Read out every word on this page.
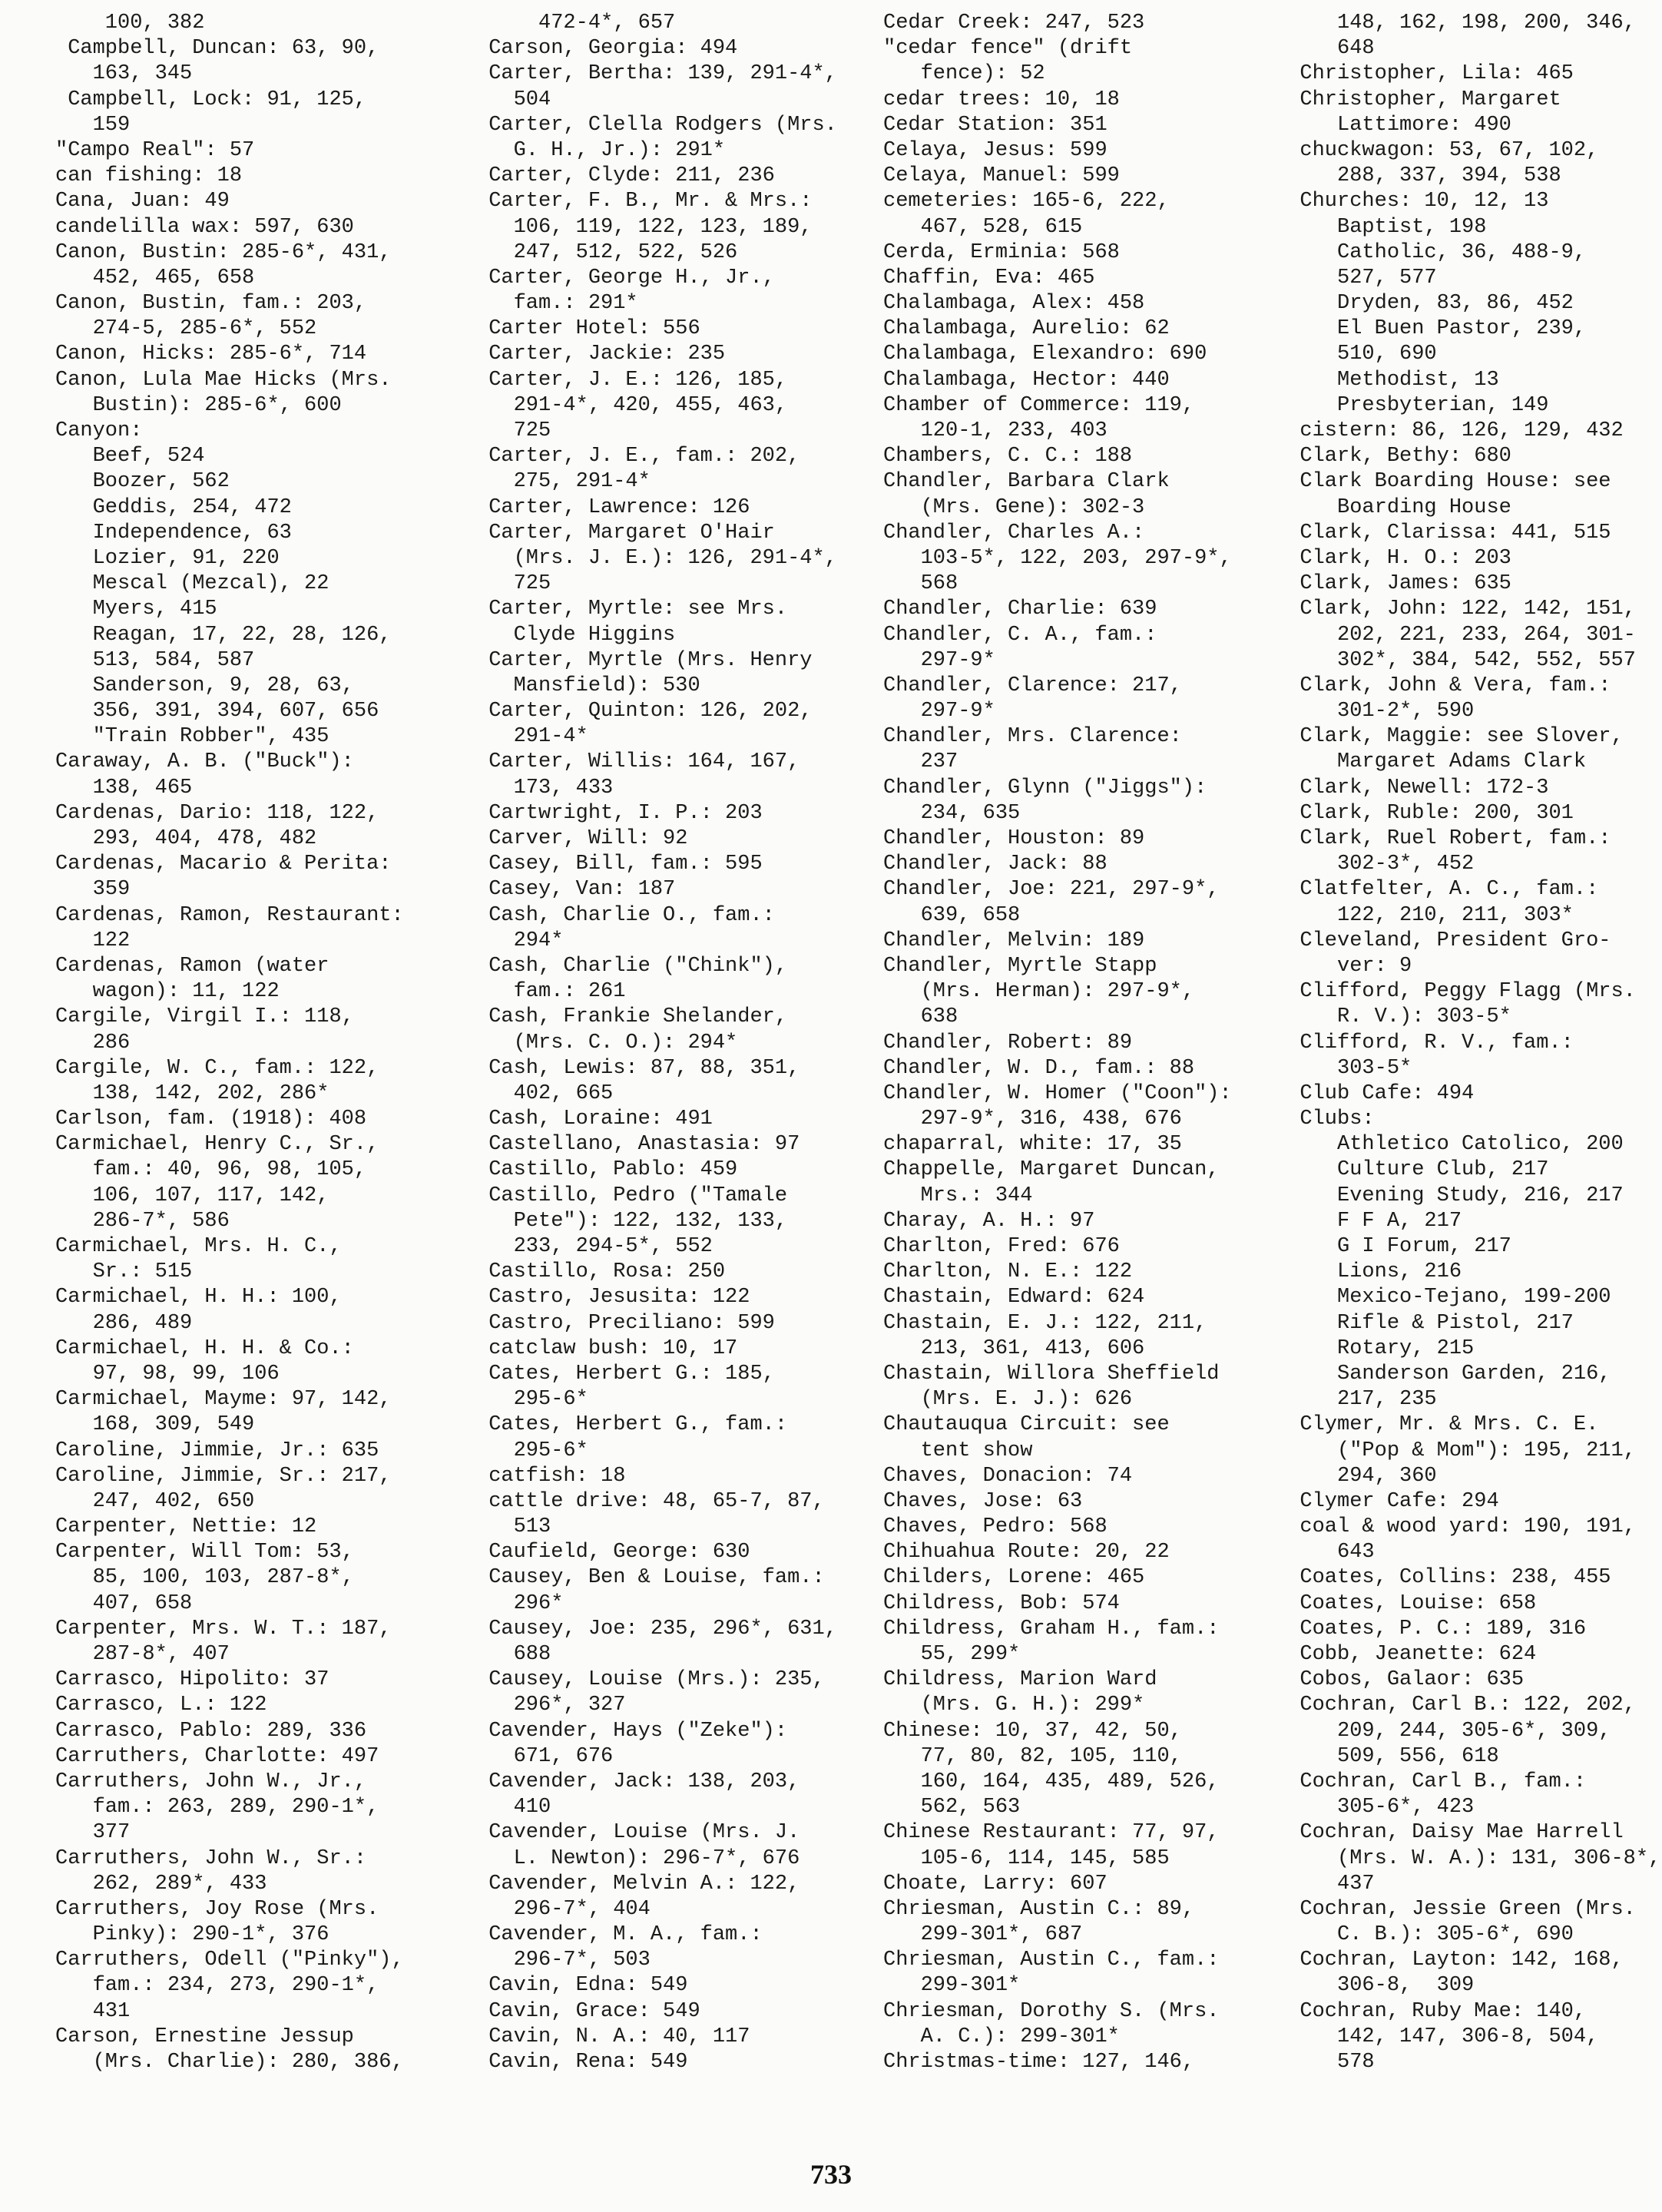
100, 382
Campbell, Duncan: 63, 90,
163, 345
Campbell, Lock: 91, 125,
159
"Campo Real": 57
can fishing: 18
Cana, Juan: 49
candelilla wax: 597, 630
Canon, Bustin: 285-6*, 431,
452, 465, 658
Canon, Bustin, fam.: 203,
274-5, 285-6*, 552
Canon, Hicks: 285-6*, 714
Canon, Lula Mae Hicks (Mrs.
Bustin): 285-6*, 600
Canyon:
Beef, 524
Boozer, 562
Geddis, 254, 472
Independence, 63
Lozier, 91, 220
Mescal (Mezcal), 22
Myers, 415
Reagan, 17, 22, 28, 126,
513, 584, 587
Sanderson, 9, 28, 63,
356, 391, 394, 607, 656
"Train Robber", 435
Caraway, A. B. ("Buck"):
138, 465
Cardenas, Dario: 118, 122,
293, 404, 478, 482
Cardenas, Macario & Perita:
359
Cardenas, Ramon, Restaurant:
122
Cardenas, Ramon (water
wagon): 11, 122
Cargile, Virgil I.: 118,
286
Cargile, W. C., fam.: 122,
138, 142, 202, 286*
Carlson, fam. (1918): 408
Carmichael, Henry C., Sr.,
fam.: 40, 96, 98, 105,
106, 107, 117, 142,
286-7*, 586
Carmichael, Mrs. H. C.,
Sr.: 515
Carmichael, H. H.: 100,
286, 489
Carmichael, H. H. & Co.:
97, 98, 99, 106
Carmichael, Mayme: 97, 142,
168, 309, 549
Caroline, Jimmie, Jr.: 635
Caroline, Jimmie, Sr.: 217,
247, 402, 650
Carpenter, Nettie: 12
Carpenter, Will Tom: 53,
85, 100, 103, 287-8*,
407, 658
Carpenter, Mrs. W. T.: 187,
287-8*, 407
Carrasco, Hipolito: 37
Carrasco, L.: 122
Carrasco, Pablo: 289, 336
Carruthers, Charlotte: 497
Carruthers, John W., Jr.,
fam.: 263, 289, 290-1*,
377
Carruthers, John W., Sr.:
262, 289*, 433
Carruthers, Joy Rose (Mrs.
Pinky): 290-1*, 376
Carruthers, Odell ("Pinky"),
fam.: 234, 273, 290-1*,
431
Carson, Ernestine Jessup
(Mrs. Charlie): 280, 386,
472-4*, 657
Carson, Georgia: 494
Carter, Bertha: 139, 291-4*,
504
Carter, Clella Rodgers (Mrs.
G. H., Jr.): 291*
Carter, Clyde: 211, 236
Carter, F. B., Mr. & Mrs.:
106, 119, 122, 123, 189,
247, 512, 522, 526
Carter, George H., Jr.,
fam.: 291*
Carter Hotel: 556
Carter, Jackie: 235
Carter, J. E.: 126, 185,
291-4*, 420, 455, 463,
725
Carter, J. E., fam.: 202,
275, 291-4*
Carter, Lawrence: 126
Carter, Margaret O'Hair
(Mrs. J. E.): 126, 291-4*,
725
Carter, Myrtle: see Mrs.
Clyde Higgins
Carter, Myrtle (Mrs. Henry
Mansfield): 530
Carter, Quinton: 126, 202,
291-4*
Carter, Willis: 164, 167,
173, 433
Cartwright, I. P.: 203
Carver, Will: 92
Casey, Bill, fam.: 595
Casey, Van: 187
Cash, Charlie O., fam.:
294*
Cash, Charlie ("Chink"),
fam.: 261
Cash, Frankie Shelander,
(Mrs. C. O.): 294*
Cash, Lewis: 87, 88, 351,
402, 665
Cash, Loraine: 491
Castellano, Anastasia: 97
Castillo, Pablo: 459
Castillo, Pedro ("Tamale
Pete"): 122, 132, 133,
233, 294-5*, 552
Castillo, Rosa: 250
Castro, Jesusita: 122
Castro, Preciliano: 599
catclaw bush: 10, 17
Cates, Herbert G.: 185,
295-6*
Cates, Herbert G., fam.:
295-6*
catfish: 18
cattle drive: 48, 65-7, 87,
513
Caufield, George: 630
Causey, Ben & Louise, fam.:
296*
Causey, Joe: 235, 296*, 631,
688
Causey, Louise (Mrs.): 235,
296*, 327
Cavender, Hays ("Zeke"):
671, 676
Cavender, Jack: 138, 203,
410
Cavender, Louise (Mrs. J.
L. Newton): 296-7*, 676
Cavender, Melvin A.: 122,
296-7*, 404
Cavender, M. A., fam.:
296-7*, 503
Cavin, Edna: 549
Cavin, Grace: 549
Cavin, N. A.: 40, 117
Cavin, Rena: 549
Cedar Creek: 247, 523
"cedar fence" (drift
fence): 52
cedar trees: 10, 18
Cedar Station: 351
Celaya, Jesus: 599
Celaya, Manuel: 599
cemeteries: 165-6, 222,
467, 528, 615
Cerda, Erminia: 568
Chaffin, Eva: 465
Chalambaga, Alex: 458
Chalambaga, Aurelio: 62
Chalambaga, Elexandro: 690
Chalambaga, Hector: 440
Chamber of Commerce: 119,
120-1, 233, 403
Chambers, C. C.: 188
Chandler, Barbara Clark
(Mrs. Gene): 302-3
Chandler, Charles A.:
103-5*, 122, 203, 297-9*,
568
Chandler, Charlie: 639
Chandler, C. A., fam.:
297-9*
Chandler, Clarence: 217,
297-9*
Chandler, Mrs. Clarence:
237
Chandler, Glynn ("Jiggs"):
234, 635
Chandler, Houston: 89
Chandler, Jack: 88
Chandler, Joe: 221, 297-9*,
639, 658
Chandler, Melvin: 189
Chandler, Myrtle Stapp
(Mrs. Herman): 297-9*,
638
Chandler, Robert: 89
Chandler, W. D., fam.: 88
Chandler, W. Homer ("Coon"):
297-9*, 316, 438, 676
chaparral, white: 17, 35
Chappelle, Margaret Duncan,
Mrs.: 344
Charay, A. H.: 97
Charlton, Fred: 676
Charlton, N. E.: 122
Chastain, Edward: 624
Chastain, E. J.: 122, 211,
213, 361, 413, 606
Chastain, Willora Sheffield
(Mrs. E. J.): 626
Chautauqua Circuit: see
tent show
Chaves, Donacion: 74
Chaves, Jose: 63
Chaves, Pedro: 568
Chihuahua Route: 20, 22
Childers, Lorene: 465
Childress, Bob: 574
Childress, Graham H., fam.:
55, 299*
Childress, Marion Ward
(Mrs. G. H.): 299*
Chinese: 10, 37, 42, 50,
77, 80, 82, 105, 110,
160, 164, 435, 489, 526,
562, 563
Chinese Restaurant: 77, 97,
105-6, 114, 145, 585
Choate, Larry: 607
Chriesman, Austin C.: 89,
299-301*, 687
Chriesman, Austin C., fam.:
299-301*
Chriesman, Dorothy S. (Mrs.
A. C.): 299-301*
Christmas-time: 127, 146,
148, 162, 198, 200, 346,
648
Christopher, Lila: 465
Christopher, Margaret
Lattimore: 490
chuckwagon: 53, 67, 102,
288, 337, 394, 538
Churches: 10, 12, 13
Baptist, 198
Catholic, 36, 488-9,
527, 577
Dryden, 83, 86, 452
El Buen Pastor, 239,
510, 690
Methodist, 13
Presbyterian, 149
cistern: 86, 126, 129, 432
Clark, Bethy: 680
Clark Boarding House: see
Boarding House
Clark, Clarissa: 441, 515
Clark, H. O.: 203
Clark, James: 635
Clark, John: 122, 142, 151,
202, 221, 233, 264, 301-
302*, 384, 542, 552, 557
Clark, John & Vera, fam.:
301-2*, 590
Clark, Maggie: see Slover,
Margaret Adams Clark
Clark, Newell: 172-3
Clark, Ruble: 200, 301
Clark, Ruel Robert, fam.:
302-3*, 452
Clatfelter, A. C., fam.:
122, 210, 211, 303*
Cleveland, President Gro-
ver: 9
Clifford, Peggy Flagg (Mrs.
R. V.): 303-5*
Clifford, R. V., fam.:
303-5*
Club Cafe: 494
Clubs:
Athletico Catolico, 200
Culture Club, 217
Evening Study, 216, 217
F F A, 217
G I Forum, 217
Lions, 216
Mexico-Tejano, 199-200
Rifle & Pistol, 217
Rotary, 215
Sanderson Garden, 216,
217, 235
Clymer, Mr. & Mrs. C. E.
("Pop & Mom"): 195, 211,
294, 360
Clymer Cafe: 294
coal & wood yard: 190, 191,
643
Coates, Collins: 238, 455
Coates, Louise: 658
Coates, P. C.: 189, 316
Cobb, Jeanette: 624
Cobos, Galaor: 635
Cochran, Carl B.: 122, 202,
209, 244, 305-6*, 309,
509, 556, 618
Cochran, Carl B., fam.:
305-6*, 423
Cochran, Daisy Mae Harrell
(Mrs. W. A.): 131, 306-8*,
437
Cochran, Jessie Green (Mrs.
C. B.): 305-6*, 690
Cochran, Layton: 142, 168,
306-8,  309
Cochran, Ruby Mae: 140,
142, 147, 306-8, 504,
578
733
